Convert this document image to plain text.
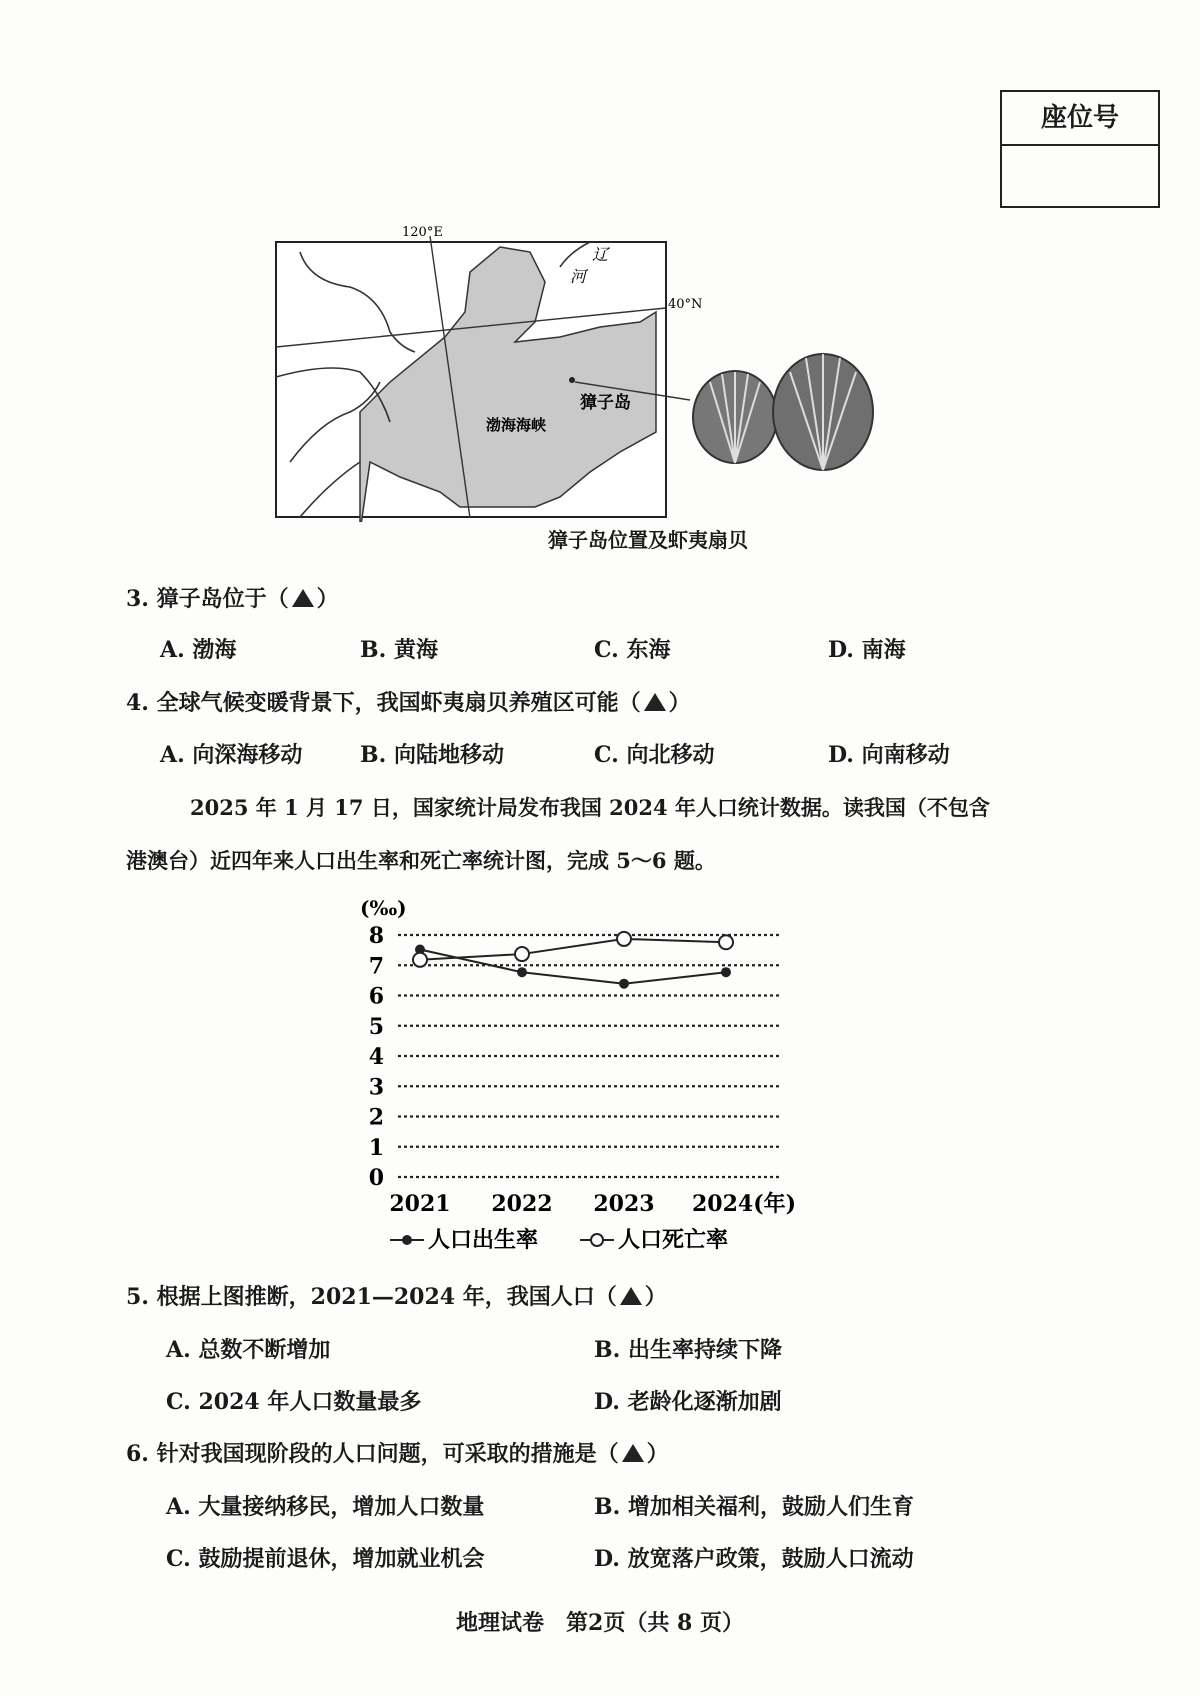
座位号
120°E
40°N
辽
河
獐子岛
渤海海峡
獐子岛位置及虾夷扇贝
3. 獐子岛位于（ ）
A. 渤海	B. 黄海	C. 东海	D. 南海
4. 全球气候变暖背景下，我国虾夷扇贝养殖区可能（ ）
A. 向深海移动	B. 向陆地移动	C. 向北移动	D. 向南移动
2025 年 1 月 17 日，国家统计局发布我国 2024 年人口统计数据。读我国（不包含
港澳台）近四年来人口出生率和死亡率统计图，完成 5～6 题。
(‰)
0
1
2
3
4
5
6
7
8
2021 2022 2023 2024(年)
人口出生率	人口死亡率
5. 根据上图推断，2021—2024 年，我国人口（ ）
A. 总数不断增加	B. 出生率持续下降
C. 2024 年人口数量最多	D. 老龄化逐渐加剧
6. 针对我国现阶段的人口问题，可采取的措施是（ ）
A. 大量接纳移民，增加人口数量	B. 增加相关福利，鼓励人们生育
C. 鼓励提前退休，增加就业机会	D. 放宽落户政策，鼓励人口流动
地理试卷　第2页（共 8 页）
